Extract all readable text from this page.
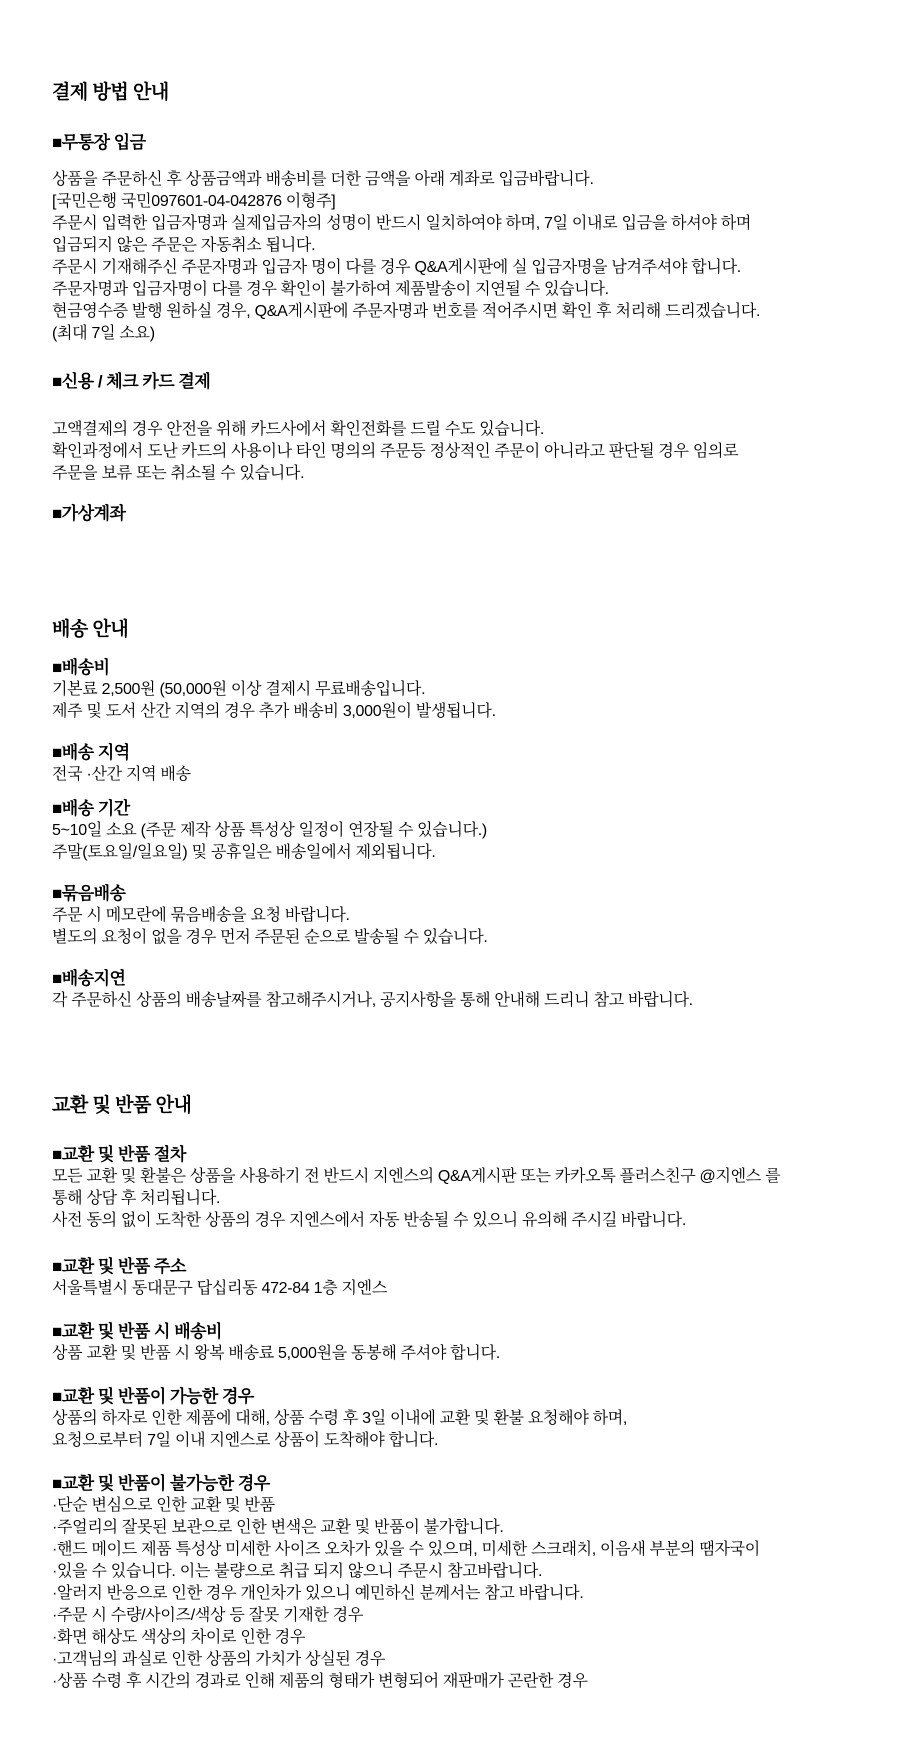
결제 방법 안내
■무통장 입금
상품을 주문하신 후 상품금액과 배송비를 더한 금액을 아래 계좌로 입금바랍니다.
[국민은행 국민097601-04-042876 이형주]
주문시 입력한 입금자명과 실제입금자의 성명이 반드시 일치하여야 하며, 7일 이내로 입금을 하셔야 하며
입금되지 않은 주문은 자동취소 됩니다.
주문시 기재해주신 주문자명과 입금자 명이 다를 경우 Q&A게시판에 실 입금자명을 남겨주셔야 합니다.
주문자명과 입금자명이 다를 경우 확인이 불가하여 제품발송이 지연될 수 있습니다.
현금영수증 발행 원하실 경우, Q&A게시판에 주문자명과 번호를 적어주시면 확인 후 처리해 드리겠습니다.
(최대 7일 소요)
■신용 / 체크 카드 결제
고액결제의 경우 안전을 위해 카드사에서 확인전화를 드릴 수도 있습니다.
확인과정에서 도난 카드의 사용이나 타인 명의의 주문등 정상적인 주문이 아니라고 판단될 경우 임의로
주문을 보류 또는 취소될 수 있습니다.
■가상계좌
배송 안내
■배송비
기본료 2,500원 (50,000원 이상 결제시 무료배송입니다.
제주 및 도서 산간 지역의 경우 추가 배송비 3,000원이 발생됩니다.
■배송 지역
전국 ·산간 지역 배송
■배송 기간
5~10일 소요 (주문 제작 상품 특성상 일정이 연장될 수 있습니다.)
주말(토요일/일요일) 및 공휴일은 배송일에서 제외됩니다.
■묶음배송
주문 시 메모란에 묶음배송을 요청 바랍니다.
별도의 요청이 없을 경우 먼저 주문된 순으로 발송될 수 있습니다.
■배송지연
각 주문하신 상품의 배송날짜를 참고해주시거나, 공지사항을 통해 안내해 드리니 참고 바랍니다.
교환 및 반품 안내
■교환 및 반품 절차
모든 교환 및 환불은 상품을 사용하기 전 반드시 지엔스의 Q&A게시판 또는 카카오톡 플러스친구 @지엔스 를
통해 상담 후 처리됩니다.
사전 동의 없이 도착한 상품의 경우 지엔스에서 자동 반송될 수 있으니 유의해 주시길 바랍니다.
■교환 및 반품 주소
서울특별시 동대문구 답십리동 472-84 1층 지엔스
■교환 및 반품 시 배송비
상품 교환 및 반품 시 왕복 배송료 5,000원을 동봉해 주셔야 합니다.
■교환 및 반품이 가능한 경우
상품의 하자로 인한 제품에 대해, 상품 수령 후 3일 이내에 교환 및 환불 요청해야 하며,
요청으로부터 7일 이내 지엔스로 상품이 도착해야 합니다.
■교환 및 반품이 불가능한 경우
·단순 변심으로 인한 교환 및 반품
·주얼리의 잘못된 보관으로 인한 변색은 교환 및 반품이 불가합니다.
·핸드 메이드 제품 특성상 미세한 사이즈 오차가 있을 수 있으며, 미세한 스크래치, 이음새 부분의 땜자국이
·있을 수 있습니다. 이는 불량으로 취급 되지 않으니 주문시 참고바랍니다.
·알러지 반응으로 인한 경우 개인차가 있으니 예민하신 분께서는 참고 바랍니다.
·주문 시 수량/사이즈/색상 등 잘못 기재한 경우
·화면 해상도 색상의 차이로 인한 경우
·고객님의 과실로 인한 상품의 가치가 상실된 경우
·상품 수령 후 시간의 경과로 인해 제품의 형태가 변형되어 재판매가 곤란한 경우
